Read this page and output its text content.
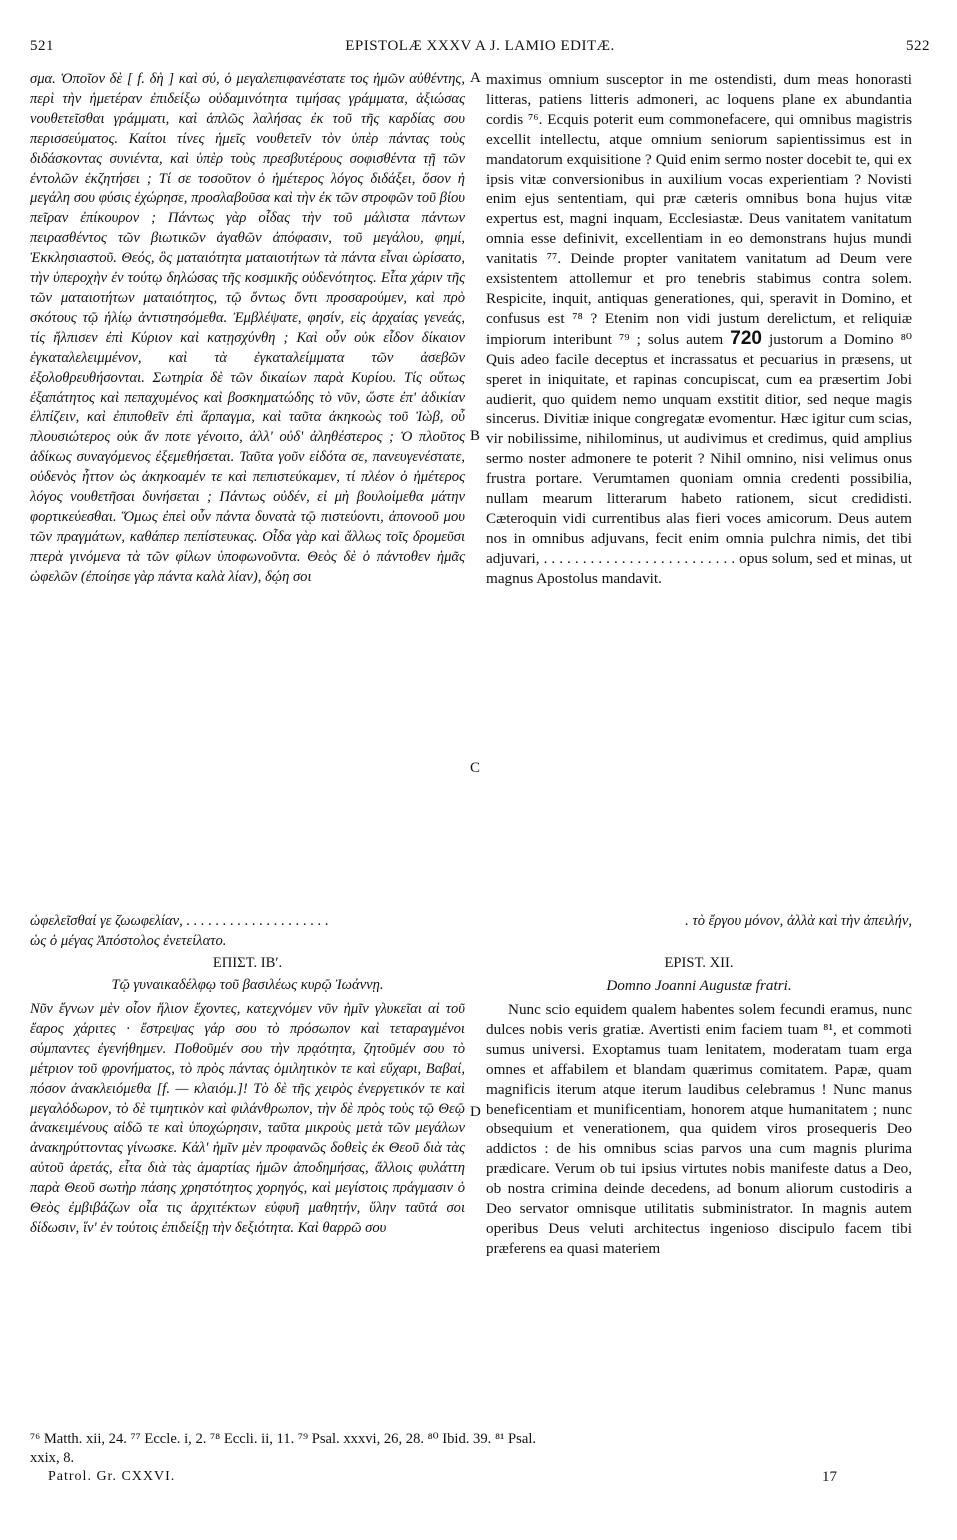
521	EPISTOLÆ XXXV A J. LAMIO EDITÆ.	522
A
B
C
D

σμα. Ὁποῖον δὲ [ f. δὴ ] καὶ σύ, ὁ μεγαλεπιφανέστατε τος ἡμῶν αὐθέντης, περὶ τὴν ἡμετέραν ἐπιδείξω οὐδαμινότητα τιμήσας γράμματα, ἀξιώσας νουθετεῖσθαι γράμματι, καὶ ἁπλῶς λαλήσας ἐκ τοῦ τῆς καρδίας σου περισσεύματος. Καίτοι τίνες ἡμεῖς νουθετεῖν τὸν ὑπὲρ πάντας τοὺς διδάσκοντας συνιέντα, καὶ ὑπὲρ τοὺς πρεσβυτέρους σοφισθέντα τῇ τῶν ἐντολῶν ἐκζητήσει ; Τί σε τοσοῦτον ὁ ἡμέτερος λόγος διδάξει, ὅσον ἡ μεγάλη σου φύσις ἐχώρησε, προσλαβοῦσα καὶ τὴν ἐκ τῶν στροφῶν τοῦ βίου πεῖραν ἐπίκουρον ; Πάντως γὰρ οἶδας τὴν τοῦ μάλιστα πάντων πειρασθέντος τῶν βιωτικῶν ἀγαθῶν ἀπόφασιν, τοῦ μεγάλου, φημί, Ἐκκλησιαστοῦ. Θεός, ὃς ματαιότητα ματαιοτήτων τὰ πάντα εἶναι ὡρίσατο, τὴν ὑπεροχὴν ἐν τούτῳ δηλώσας τῆς κοσμικῆς οὐδενότητος. Εἶτα χάριν τῆς τῶν ματαιοτήτων ματαιότητος, τῷ ὄντως ὄντι προσαρούμεν, καὶ πρὸ σκότους τῷ ἡλίῳ ἀντιστησόμεθα. Ἐμβλέψατε, φησίν, εἰς ἀρχαίας γενεάς, τίς ἤλπισεν ἐπὶ Κύριον καὶ κατῃσχύνθη ; Καὶ οὖν οὐκ εἶδον δίκαιον ἐγκαταλελειμμένον, καὶ τὰ ἐγκαταλείμματα τῶν ἀσεβῶν ἐξολοθρευθήσονται. Σωτηρία δὲ τῶν δικαίων παρὰ Κυρίου. Τίς οὕτως ἐξαπάτητος καὶ πεπαχυμένος καὶ βοσκηματώδης τὸ νῦν, ὥστε ἐπ' ἀδικίαν ἐλπίζειν, καὶ ἐπιποθεῖν ἐπὶ ἅρπαγμα, καὶ ταῦτα ἀκηκοὼς τοῦ Ἰὼβ, οὗ πλουσιώτερος οὐκ ἄν ποτε γένοιτο, ἀλλ' οὐδ' ἀληθέστερος ; Ὁ πλοῦτος ἀδίκως συναγόμενος ἐξεμεθήσεται. Ταῦτα γοῦν εἰδότα σε, πανευγενέστατε, οὐδενὸς ἧττον ὡς ἀκηκοαμέν τε καὶ πεπιστεύκαμεν, τί πλέον ὁ ἡμέτερος λόγος νουθετῆσαι δυνήσεται ; Πάντως οὐδέν, εἰ μὴ βουλοίμεθα μάτην φορτικεύεσθαι. Ὅμως ἐπεὶ οὖν πάντα δυνατὰ τῷ πιστεύοντι, ἀπονοοῦ μου τῶν πραγμάτων, καθάπερ πεπίστευκας. Οἶδα γὰρ καὶ ἄλλως τοῖς δρομεῦσι πτερὰ γινόμενα τὰ τῶν φίλων ὑποφωνοῦντα. Θεὸς δὲ ὁ πάντοθεν ἡμᾶς ὠφελῶν (ἐποίησε γὰρ πάντα καλὰ λίαν), δῴη σοι

maximus omnium susceptor in me ostendisti, dum meas honorasti litteras, patiens litteris admoneri, ac loquens plane ex abundantia cordis ⁷⁶. Ecquis poterit eum commonefacere, qui omnibus magistris excellit intellectu, atque omnium seniorum sapientissimus est in mandatorum exquisitione ? Quid enim sermo noster docebit te, qui ex ipsis vitæ conversionibus in auxilium vocas experientiam ? Novisti enim ejus sententiam, qui præ cæteris omnibus bona hujus vitæ expertus est, magni inquam, Ecclesiastæ. Deus vanitatem vanitatum omnia esse definivit, excellentiam in eo demonstrans hujus mundi vanitatis ⁷⁷. Deinde propter vanitatem vanitatum ad Deum vere exsistentem attollemur et pro tenebris stabimus contra solem. Respicite, inquit, antiquas generationes, qui, speravit in Domino, et confusus est ⁷⁸ ? Etenim non vidi justum derelictum, et reliquiæ impiorum interibunt ⁷⁹ ; solus autem 720 justorum a Domino ⁸⁰ Quis adeo facile deceptus et incrassatus et pecuarius in præsens, ut speret in iniquitate, et rapinas concupiscat, cum ea præsertim Jobi audierit, quo quidem nemo unquam exstitit ditior, sed neque magis sincerus. Divitiæ inique congregatæ evomentur. Hæc igitur cum scias, vir nobilissime, nihilominus, ut audivimus et credimus, quid amplius sermo noster admonere te poterit ? Nihil omnino, nisi velimus onus frustra portare. Verumtamen quoniam omnia credenti possibilia, nullam mearum litterarum habeto rationem, sicut credidisti. Cæteroquin vidi currentibus alas fieri voces amicorum. Deus autem nos in omnibus adjuvans, fecit enim omnia pulchra nimis, det tibi adjuvari, . . . . . . . . . . . . . . . . . . . . . . . . . opus solum, sed et minas, ut magnus Apostolus mandavit.

ὠφελεῖσθαί γε ζωωφελίαν, . . . . . . . . . . . . . . . . . . . .	. τὸ ἔργου μόνον, ἀλλὰ καὶ τὴν ἀπειλήν,
ὡς ὁ μέγας Ἀπόστολος ἐνετείλατο.
ΕΠΙΣΤ. ΙΒʹ.
Τῷ γυναικαδέλφῳ τοῦ βασιλέως κυρῷ Ἰωάννῃ.
EPIST. XII.
Domno Joanni Augustæ fratri.

Νῦν ἔγνων μὲν οἷον ἥλιον ἔχοντες, κατεχνόμεν νῦν ἡμῖν γλυκεῖαι αἱ τοῦ ἔαρος χάριτες · ἔστρεψας γάρ σου τὸ πρόσωπον καὶ τεταραγμένοι σύμπαντες ἐγενήθημεν. Ποθοῦμέν σου τὴν πρᾳότητα, ζητοῦμέν σου τὸ μέτριον τοῦ φρονήματος, τὸ πρὸς πάντας ὁμιλητικὸν τε καὶ εὔχαρι, Βαβαί, πόσον ἀνακλειόμεθα [f. — κλαιόμ.]! Τὸ δὲ τῆς χειρὸς ἐνεργετικόν τε καὶ μεγαλόδωρον, τὸ δὲ τιμητικὸν καὶ φιλάνθρωπον, τὴν δὲ πρὸς τοὺς τῷ Θεῷ ἀνακειμένους αἰδῶ τε καὶ ὑποχώρησιν, ταῦτα μικροὺς μετὰ τῶν μεγάλων ἀνακηρύττοντας γίνωσκε. Κἀλ' ἡμῖν μὲν προφανῶς δοθεὶς ἐκ Θεοῦ διὰ τὰς αὐτοῦ ἀρετάς, εἶτα διὰ τὰς ἁμαρτίας ἡμῶν ἀποδημήσας, ἄλλοις φυλάττη παρὰ Θεοῦ σωτὴρ πάσης χρηστότητος χορηγός, καὶ μεγίστοις πράγμασιν ὁ Θεὸς ἐμβιβάζων οἷα τις ἀρχιτέκτων εὐφυῆ μαθητήν, ὕλην ταῦτά σοι δίδωσιν, ἵν' ἐν τούτοις ἐπιδείξῃ τὴν δεξιότητα. Καὶ θαρρῶ σου

Nunc scio equidem qualem habentes solem fecundi eramus, nunc dulces nobis veris gratiæ. Avertisti enim faciem tuam ⁸¹, et commoti sumus universi. Exoptamus tuam lenitatem, moderatam tuam erga omnes et affabilem et blandam quærimus comitatem. Papæ, quam magnificis iterum atque iterum laudibus celebramus ! Nunc manus beneficentiam et munificentiam, honorem atque humanitatem ; nunc obsequium et venerationem, qua quidem viros prosequeris Deo addictos : de his omnibus scias parvos una cum magnis plurima prædicare. Verum ob tui ipsius virtutes nobis manifeste datus a Deo, ob nostra crimina deinde decedens, ad bonum aliorum custodiris a Deo servator omnisque utilitatis subministrator. In magnis autem operibus Deus veluti architectus ingenioso discipulo facem tibi præferens ea quasi materiem

⁷⁶ Matth. xii, 24. ⁷⁷ Eccle. i, 2. ⁷⁸ Eccli. ii, 11. ⁷⁹ Psal. xxxvi, 26, 28. ⁸⁰ Ibid. 39. ⁸¹ Psal.
xxix, 8.
Patrol. Gr. CXXVI.	17
